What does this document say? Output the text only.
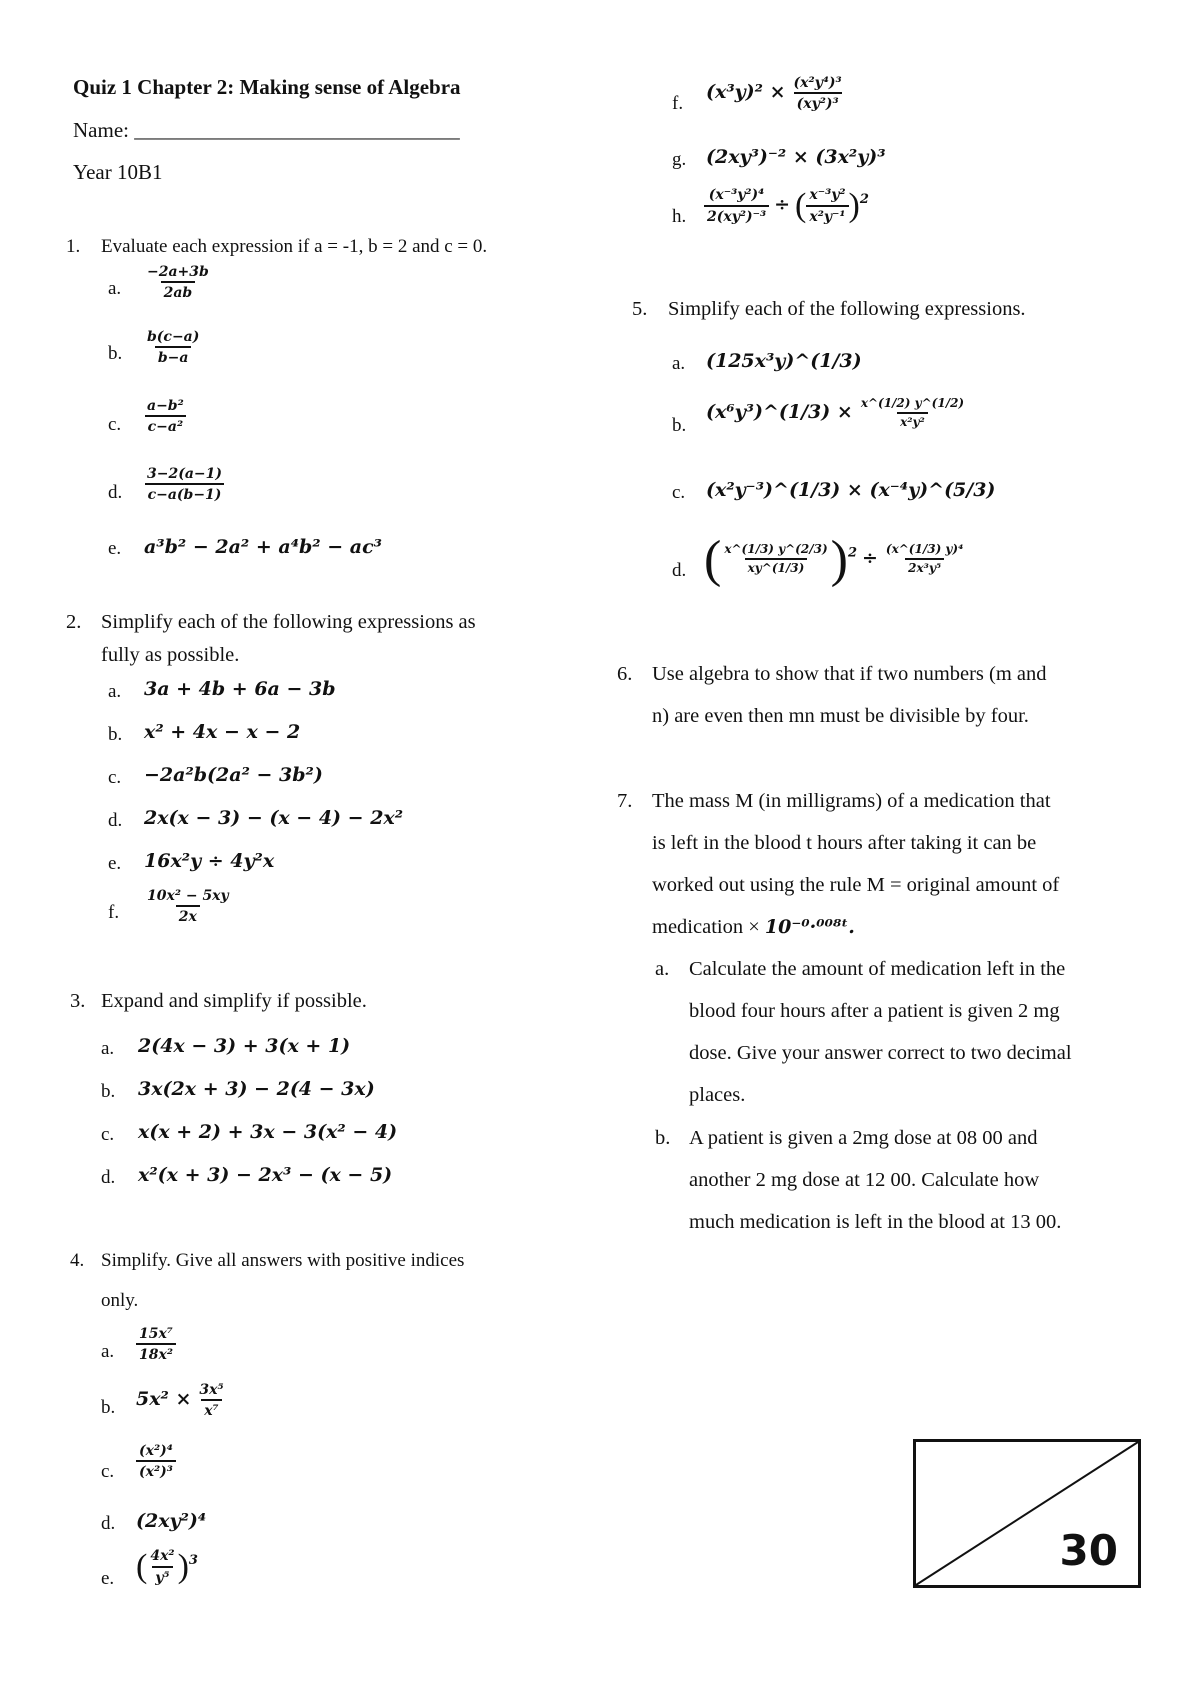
Quiz 1 Chapter 2: Making sense of Algebra
Name: _______________________________
Year 10B1
1. Evaluate each expression if a = -1, b = 2 and c = 0.
a. $\frac{-2a+3b}{2ab}$
b. $\frac{b(c-a)}{b-a}$
c. $\frac{\text{a−b²}}{\text{c−a²}}$
d. $\frac{3-2(a-1)}{c-a(b-1)}$
e. a³b² − 2a² + a⁴b² − ac³
2. Simplify each of the following expressions as
fully as possible.
a. 3a + 4b + 6a − 3b
b. x² + 4x − x − 2
c. −2a²b(2a² − 3b²)
d. 2x(x − 3) − (x − 4) − 2x²
e. 16x²y ÷ 4y²x
f. $\frac{\text{10x² − 5xy}}{2x}$
3. Expand and simplify if possible.
a. 2(4x − 3) + 3(x + 1)
b. 3x(2x + 3) − 2(4 − 3x)
c. x(x + 2) + 3x − 3(x² − 4)
d. x²(x + 3) − 2x³ − (x − 5)
4. Simplify. Give all answers with positive indices
only.
a. $\frac{\text{15x⁷}}{\text{18x²}}$
b. $5x^2 \times \frac{\text{3x⁵}}{\text{x⁷}}$
c. $\frac{\text{(x²)⁴}}{\text{(x²)³}}$
d. (2xy²)⁴
e. ( $\frac{\text{4x²}}{\text{y⁵}} )^3$
f.
$(x^3y)^2 \times \frac{\text{(x²y⁴)³}}{\text{(xy²)³}}$
g. (2xy³)⁻² × (3x²y)³
h. $\frac{\text{(x⁻³y²)⁴}}{\text{2(xy²)⁻³}}$ ÷ ( $\frac{\text{x⁻³y²}}{\text{x²y⁻¹}} )^2$
5. Simplify each of the following expressions.
a. (125x³y)^(1/3)
b.
(x⁶y³)^(1/3) × $\frac{x\^{}(1/2) y\^{}(1/2)}{\text{x²y²}}$
c. (x²y⁻³)^(1/3) × (x⁻⁴y)^(5/3)
d. ( $\frac{x\^{}(1/3) y\^{}(2/3)}{xy\^{}(1/3)} )^2 \div \frac{\text{(x\textasciicircum{}(1/3) y)⁴}}{\text{2x³y⁵}}$
6. Use algebra to show that if two numbers (m and
n) are even then mn must be divisible by four.
7. The mass M (in milligrams) of a medication that
is left in the blood t hours after taking it can be
worked out using the rule M = original amount of
medication × 10⁻⁰·⁰⁰⁸ᵗ.
a. Calculate the amount of medication left in the
blood four hours after a patient is given 2 mg
dose. Give your answer correct to two decimal
places.
b. A patient is given a 2mg dose at 08 00 and
another 2 mg dose at 12 00. Calculate how
much medication is left in the blood at 13 00.
30
